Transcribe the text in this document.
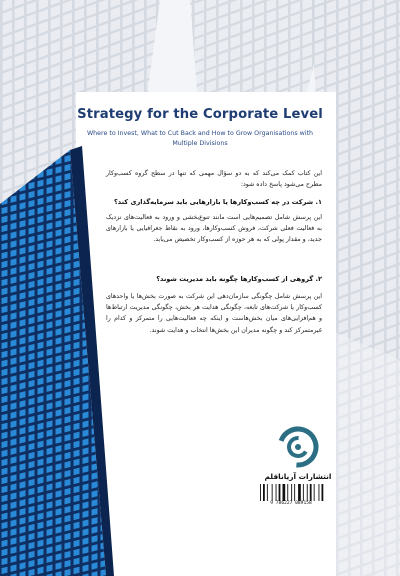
Strategy for the Corporate Level
Where to Invest, What to Cut Back and How to Grow Organisations with Multiple Divisions
این کتاب کمک می‌کند که به دو سؤال مهمی که تنها در سطح گروه کسب‌وکار مطرح می‌شود پاسخ داده شود:
۱. شرکت در چه کسب‌وکارها یا بازارهایی باید سرمایه‌گذاری کند؟
این پرسش شامل تصمیم‌هایی است مانند تنوع‌بخشی و ورود به فعالیت‌های نزدیک به فعالیت فعلی شرکت، فروش کسب‌وکارها، ورود به نقاط جغرافیایی یا بازارهای جدید، و مقدار پولی که به هر حوزه از کسب‌وکار تخصیص می‌یابد.
۲. گروهی از کسب‌وکارها چگونه باید مدیریت شوند؟
این پرسش شامل چگونگی سازمان‌دهی این شرکت به صورت بخش‌ها یا واحدهای کسب‌وکار یا شرکت‌های تابعه، چگونگی هدایت هر بخش، چگونگی مدیریت ارتباط‌ها و هم‌افزایی‌های میان بخش‌هاست و اینکه چه فعالیت‌هایی را متمرکز و کدام را غیرمتمرکز کند و چگونه مدیران این بخش‌ها انتخاب و هدایت شوند.
انتشارات آریاناقلم
9 786227 089158
